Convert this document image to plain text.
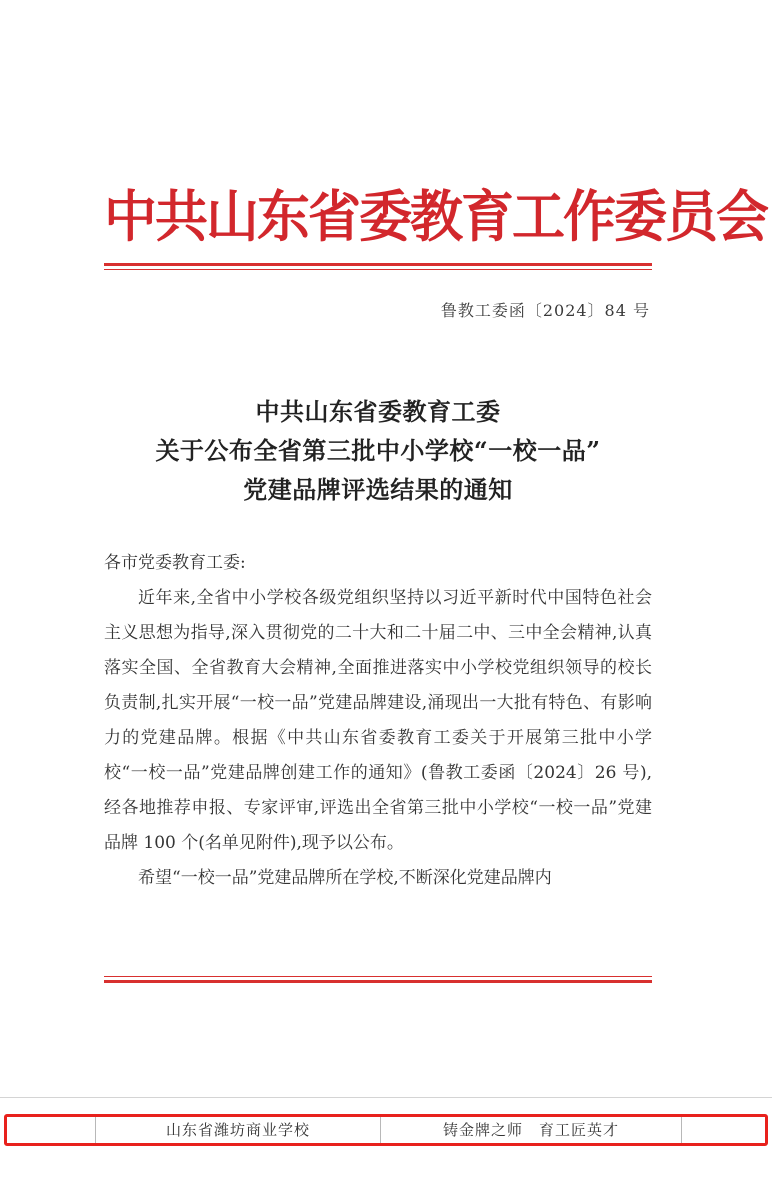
中共山东省委教育工作委员会
鲁教工委函〔2024〕84 号
中共山东省委教育工委
关于公布全省第三批中小学校“一校一品”
党建品牌评选结果的通知

各市党委教育工委:

近年来,全省中小学校各级党组织坚持以习近平新时代中国特色社会主义思想为指导,深入贯彻党的二十大和二十届二中、三中全会精神,认真落实全国、全省教育大会精神,全面推进落实中小学校党组织领导的校长负责制,扎实开展“一校一品”党建品牌建设,涌现出一大批有特色、有影响力的党建品牌。根据《中共山东省委教育工委关于开展第三批中小学校“一校一品”党建品牌创建工作的通知》(鲁教工委函〔2024〕26 号),经各地推荐申报、专家评审,评选出全省第三批中小学校“一校一品”党建品牌 100 个(名单见附件),现予以公布。

希望“一校一品”党建品牌所在学校,不断深化党建品牌内

山东省潍坊商业学校	铸金牌之师　育工匠英才
